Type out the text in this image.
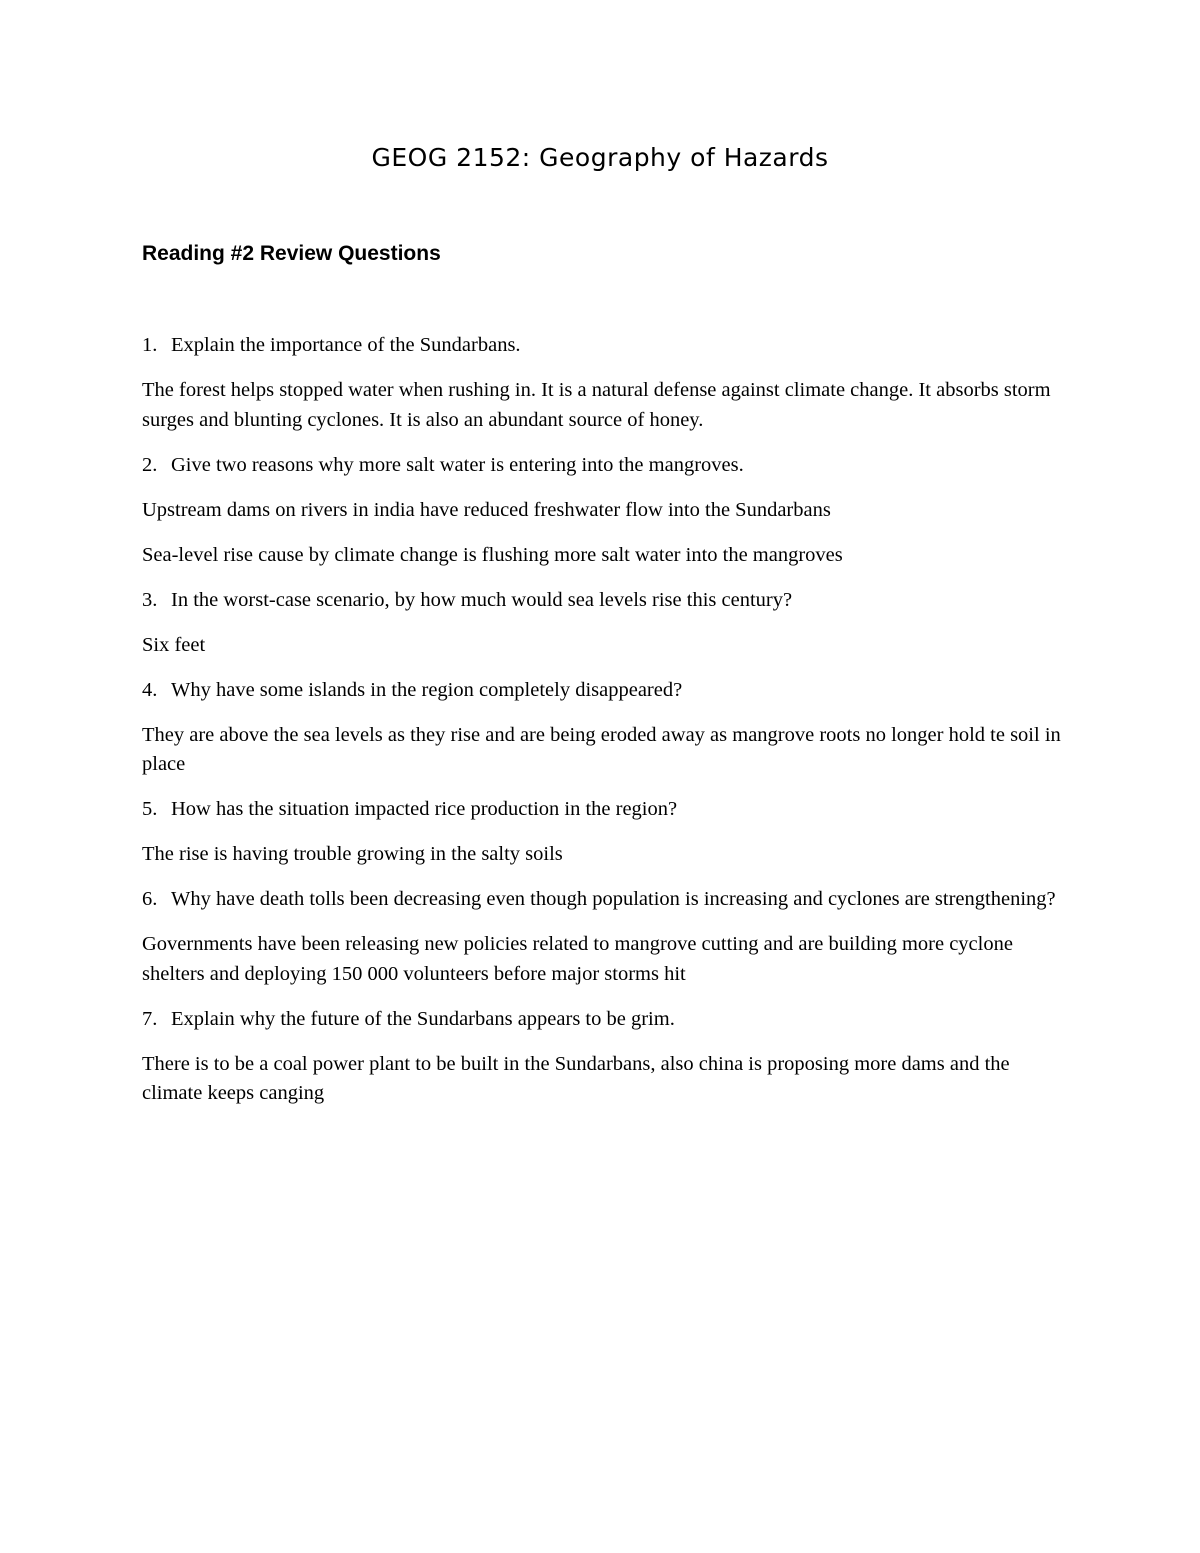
GEOG 2152: Geography of Hazards
Reading #2 Review Questions

1. Explain the importance of the Sundarbans.

The forest helps stopped water when rushing in. It is a natural defense against climate change. It absorbs storm surges and blunting cyclones. It is also an abundant source of honey.

2. Give two reasons why more salt water is entering into the mangroves.

Upstream dams on rivers in india have reduced freshwater flow into the Sundarbans

Sea-level rise cause by climate change is flushing more salt water into the mangroves

3. In the worst-case scenario, by how much would sea levels rise this century?

Six feet

4. Why have some islands in the region completely disappeared?

They are above the sea levels as they rise and are being eroded away as mangrove roots no longer hold te soil in place

5. How has the situation impacted rice production in the region?

The rise is having trouble growing in the salty soils

6. Why have death tolls been decreasing even though population is increasing and cyclones are strengthening?

Governments have been releasing new policies related to mangrove cutting and are building more cyclone shelters and deploying 150 000 volunteers before major storms hit

7. Explain why the future of the Sundarbans appears to be grim.

There is to be a coal power plant to be built in the Sundarbans, also china is proposing more dams and the climate keeps canging
